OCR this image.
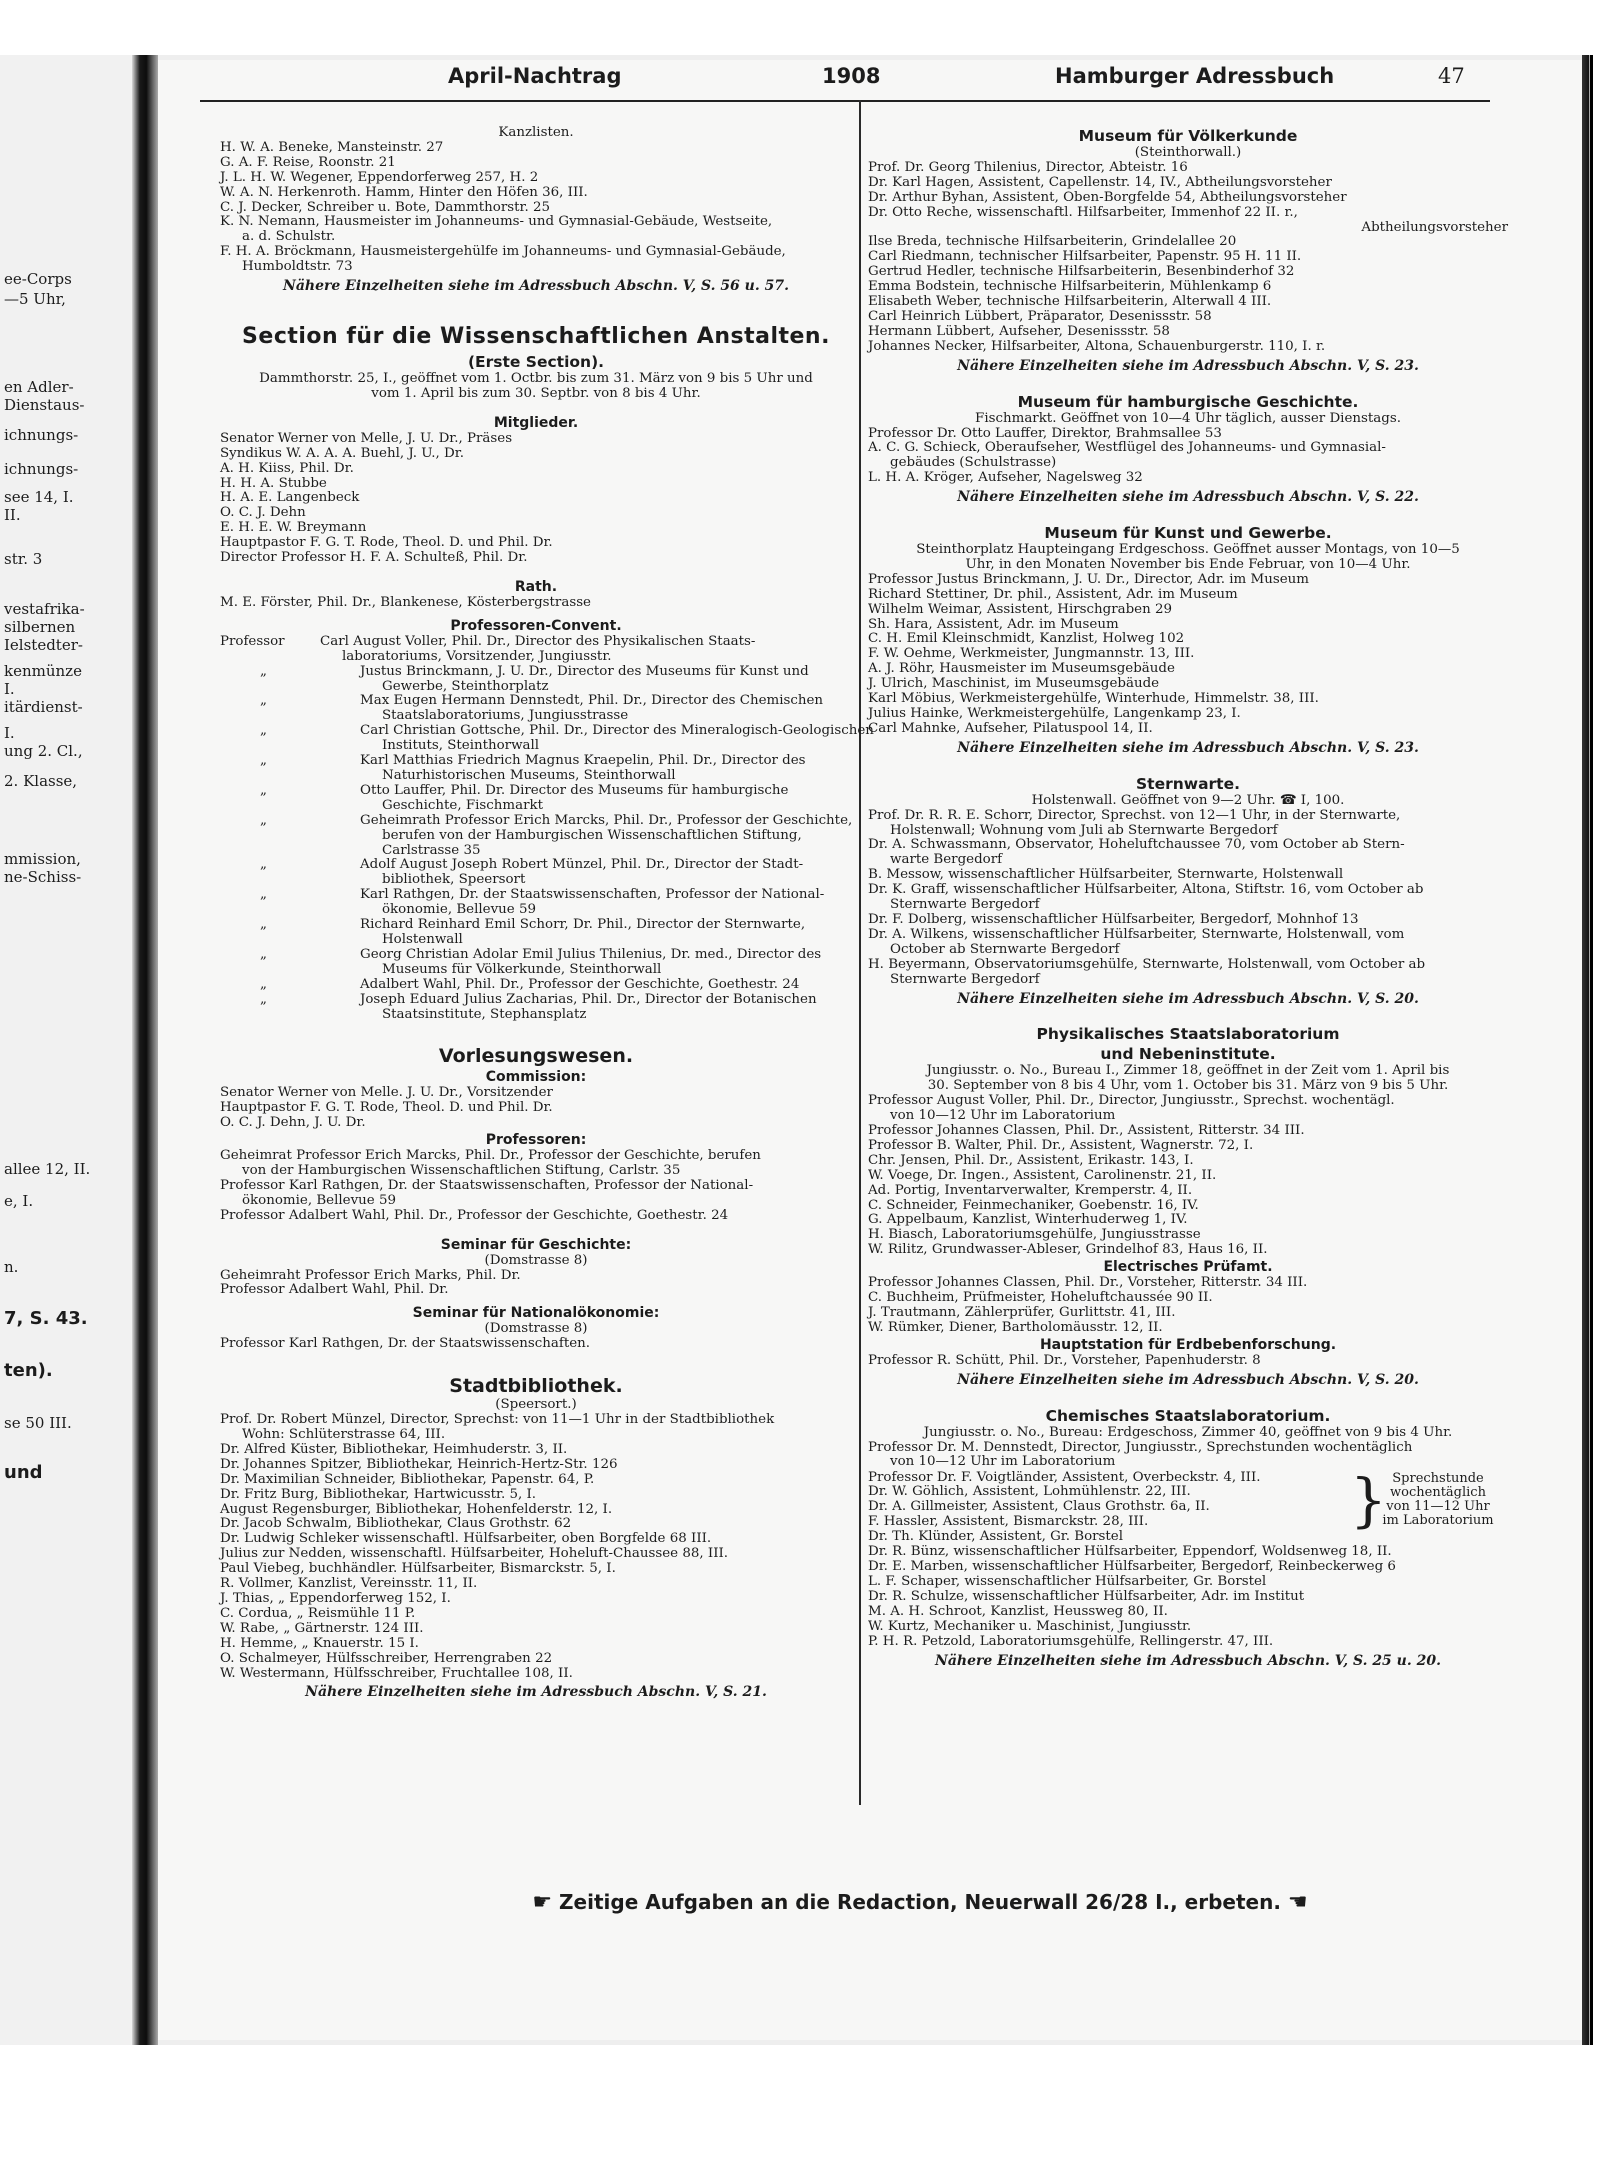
ee-Corps
—5 Uhr,
en Adler-
Dienstaus-
ichnungs-
ichnungs-
see 14, I.
II.
str. 3
vestafrika-
silbernen
Ielstedter-
kenmünze
I.
itärdienst-
I.
ung 2. Cl.,
2. Klasse,
mmission,
ne-Schiss-
allee 12, II.
e, I.
n.
7, S. 43.
ten).
se 50 III.
und
April-Nachtrag	1908	Hamburger Adressbuch	47
Kanzlisten.
H. W. A. Beneke, Mansteinstr. 27
G. A. F. Reise, Roonstr. 21
J. L. H. W. Wegener, Eppendorferweg 257, H. 2
W. A. N. Herkenroth. Hamm, Hinter den Höfen 36, III.
C. J. Decker, Schreiber u. Bote, Dammthorstr. 25
K. N. Nemann, Hausmeister im Johanneums- und Gymnasial-Gebäude, Westseite,
a. d. Schulstr.
F. H. A. Bröckmann, Hausmeistergehülfe im Johanneums- und Gymnasial-Gebäude,
Humboldtstr. 73
Nähere Einzelheiten siehe im Adressbuch Abschn. V, S. 56 u. 57.
Section für die Wissenschaftlichen Anstalten.
(Erste Section).
Dammthorstr. 25, I., geöffnet vom 1. Octbr. bis zum 31. März von 9 bis 5 Uhr und
vom 1. April bis zum 30. Septbr. von 8 bis 4 Uhr.
Mitglieder.
Senator Werner von Melle, J. U. Dr., Präses
Syndikus W. A. A. A. Buehl, J. U., Dr.
A. H. Kiiss, Phil. Dr.
H. H. A. Stubbe
H. A. E. Langenbeck
O. C. J. Dehn
E. H. E. W. Breymann
Hauptpastor F. G. T. Rode, Theol. D. und Phil. Dr.
Director Professor H. F. A. Schulteß, Phil. Dr.
Rath.
M. E. Förster, Phil. Dr., Blankenese, Kösterbergstrasse
Professoren-Convent.
Professor	Carl August Voller, Phil. Dr., Director des Physikalischen Staats-
laboratoriums, Vorsitzender, Jungiusstr.
„	Justus Brinckmann, J. U. Dr., Director des Museums für Kunst und
Gewerbe, Steinthorplatz
„	Max Eugen Hermann Dennstedt, Phil. Dr., Director des Chemischen
Staatslaboratoriums, Jungiusstrasse
„	Carl Christian Gottsche, Phil. Dr., Director des Mineralogisch-Geologischen
Instituts, Steinthorwall
„	Karl Matthias Friedrich Magnus Kraepelin, Phil. Dr., Director des
Naturhistorischen Museums, Steinthorwall
„	Otto Lauffer, Phil. Dr. Director des Museums für hamburgische
Geschichte, Fischmarkt
„	Geheimrath Professor Erich Marcks, Phil. Dr., Professor der Geschichte,
berufen von der Hamburgischen Wissenschaftlichen Stiftung,
Carlstrasse 35
„	Adolf August Joseph Robert Münzel, Phil. Dr., Director der Stadt-
bibliothek, Speersort
„	Karl Rathgen, Dr. der Staatswissenschaften, Professor der National-
ökonomie, Bellevue 59
„	Richard Reinhard Emil Schorr, Dr. Phil., Director der Sternwarte,
Holstenwall
„	Georg Christian Adolar Emil Julius Thilenius, Dr. med., Director des
Museums für Völkerkunde, Steinthorwall
„	Adalbert Wahl, Phil. Dr., Professor der Geschichte, Goethestr. 24
„	Joseph Eduard Julius Zacharias, Phil. Dr., Director der Botanischen
Staatsinstitute, Stephansplatz
Vorlesungswesen.
Commission:
Senator Werner von Melle. J. U. Dr., Vorsitzender
Hauptpastor F. G. T. Rode, Theol. D. und Phil. Dr.
O. C. J. Dehn, J. U. Dr.
Professoren:
Geheimrat Professor Erich Marcks, Phil. Dr., Professor der Geschichte, berufen
von der Hamburgischen Wissenschaftlichen Stiftung, Carlstr. 35
Professor Karl Rathgen, Dr. der Staatswissenschaften, Professor der National-
ökonomie, Bellevue 59
Professor Adalbert Wahl, Phil. Dr., Professor der Geschichte, Goethestr. 24
Seminar für Geschichte:
(Domstrasse 8)
Geheimraht Professor Erich Marks, Phil. Dr.
Professor Adalbert Wahl, Phil. Dr.
Seminar für Nationalökonomie:
(Domstrasse 8)
Professor Karl Rathgen, Dr. der Staatswissenschaften.
Stadtbibliothek.
(Speersort.)
Prof. Dr. Robert Münzel, Director, Sprechst: von 11—1 Uhr in der Stadtbibliothek
Wohn: Schlüterstrasse 64, III.
Dr. Alfred Küster, Bibliothekar, Heimhuderstr. 3, II.
Dr. Johannes Spitzer, Bibliothekar, Heinrich-Hertz-Str. 126
Dr. Maximilian Schneider, Bibliothekar, Papenstr. 64, P.
Dr. Fritz Burg, Bibliothekar, Hartwicusstr. 5, I.
August Regensburger, Bibliothekar, Hohenfelderstr. 12, I.
Dr. Jacob Schwalm, Bibliothekar, Claus Grothstr. 62
Dr. Ludwig Schleker wissenschaftl. Hülfsarbeiter, oben Borgfelde 68 III.
Julius zur Nedden, wissenschaftl. Hülfsarbeiter, Hoheluft-Chaussee 88, III.
Paul Viebeg, buchhändler. Hülfsarbeiter, Bismarckstr. 5, I.
R. Vollmer, Kanzlist, Vereinsstr. 11, II.
J. Thias, „ Eppendorferweg 152, I.
C. Cordua, „ Reismühle 11 P.
W. Rabe, „ Gärtnerstr. 124 III.
H. Hemme, „ Knauerstr. 15 I.
O. Schalmeyer, Hülfsschreiber, Herrengraben 22
W. Westermann, Hülfsschreiber, Fruchtallee 108, II.
Nähere Einzelheiten siehe im Adressbuch Abschn. V, S. 21.
Museum für Völkerkunde
(Steinthorwall.)
Prof. Dr. Georg Thilenius, Director, Abteistr. 16
Dr. Karl Hagen, Assistent, Capellenstr. 14, IV., Abtheilungsvorsteher
Dr. Arthur Byhan, Assistent, Oben-Borgfelde 54, Abtheilungsvorsteher
Dr. Otto Reche, wissenschaftl. Hilfsarbeiter, Immenhof 22 II. r.,
Abtheilungsvorsteher
Ilse Breda, technische Hilfsarbeiterin, Grindelallee 20
Carl Riedmann, technischer Hilfsarbeiter, Papenstr. 95 H. 11 II.
Gertrud Hedler, technische Hilfsarbeiterin, Besenbinderhof 32
Emma Bodstein, technische Hilfsarbeiterin, Mühlenkamp 6
Elisabeth Weber, technische Hilfsarbeiterin, Alterwall 4 III.
Carl Heinrich Lübbert, Präparator, Desenissstr. 58
Hermann Lübbert, Aufseher, Desenissstr. 58
Johannes Necker, Hilfsarbeiter, Altona, Schauenburgerstr. 110, I. r.
Nähere Einzelheiten siehe im Adressbuch Abschn. V, S. 23.
Museum für hamburgische Geschichte.
Fischmarkt. Geöffnet von 10—4 Uhr täglich, ausser Dienstags.
Professor Dr. Otto Lauffer, Direktor, Brahmsallee 53
A. C. G. Schieck, Oberaufseher, Westflügel des Johanneums- und Gymnasial-
gebäudes (Schulstrasse)
L. H. A. Kröger, Aufseher, Nagelsweg 32
Nähere Einzelheiten siehe im Adressbuch Abschn. V, S. 22.
Museum für Kunst und Gewerbe.
Steinthorplatz Haupteingang Erdgeschoss. Geöffnet ausser Montags, von 10—5
Uhr, in den Monaten November bis Ende Februar, von 10—4 Uhr.
Professor Justus Brinckmann, J. U. Dr., Director, Adr. im Museum
Richard Stettiner, Dr. phil., Assistent, Adr. im Museum
Wilhelm Weimar, Assistent, Hirschgraben 29
Sh. Hara, Assistent, Adr. im Museum
C. H. Emil Kleinschmidt, Kanzlist, Holweg 102
F. W. Oehme, Werkmeister, Jungmannstr. 13, III.
A. J. Röhr, Hausmeister im Museumsgebäude
J. Ulrich, Maschinist, im Museumsgebäude
Karl Möbius, Werkmeistergehülfe, Winterhude, Himmelstr. 38, III.
Julius Hainke, Werkmeistergehülfe, Langenkamp 23, I.
Carl Mahnke, Aufseher, Pilatuspool 14, II.
Nähere Einzelheiten siehe im Adressbuch Abschn. V, S. 23.
Sternwarte.
Holstenwall. Geöffnet von 9—2 Uhr. ☎ I, 100.
Prof. Dr. R. R. E. Schorr, Director, Sprechst. von 12—1 Uhr, in der Sternwarte,
Holstenwall; Wohnung vom Juli ab Sternwarte Bergedorf
Dr. A. Schwassmann, Observator, Hoheluftchaussee 70, vom October ab Stern-
warte Bergedorf
B. Messow, wissenschaftlicher Hülfsarbeiter, Sternwarte, Holstenwall
Dr. K. Graff, wissenschaftlicher Hülfsarbeiter, Altona, Stiftstr. 16, vom October ab
Sternwarte Bergedorf
Dr. F. Dolberg, wissenschaftlicher Hülfsarbeiter, Bergedorf, Mohnhof 13
Dr. A. Wilkens, wissenschaftlicher Hülfsarbeiter, Sternwarte, Holstenwall, vom
October ab Sternwarte Bergedorf
H. Beyermann, Observatoriumsgehülfe, Sternwarte, Holstenwall, vom October ab
Sternwarte Bergedorf
Nähere Einzelheiten siehe im Adressbuch Abschn. V, S. 20.
Physikalisches Staatslaboratorium
und Nebeninstitute.
Jungiusstr. o. No., Bureau I., Zimmer 18, geöffnet in der Zeit vom 1. April bis
30. September von 8 bis 4 Uhr, vom 1. October bis 31. März von 9 bis 5 Uhr.
Professor August Voller, Phil. Dr., Director, Jungiusstr., Sprechst. wochentägl.
von 10—12 Uhr im Laboratorium
Professor Johannes Classen, Phil. Dr., Assistent, Ritterstr. 34 III.
Professor B. Walter, Phil. Dr., Assistent, Wagnerstr. 72, I.
Chr. Jensen, Phil. Dr., Assistent, Erikastr. 143, I.
W. Voege, Dr. Ingen., Assistent, Carolinenstr. 21, II.
Ad. Portig, Inventarverwalter, Kremperstr. 4, II.
C. Schneider, Feinmechaniker, Goebenstr. 16, IV.
G. Appelbaum, Kanzlist, Winterhuderweg 1, IV.
H. Biasch, Laboratoriumsgehülfe, Jungiusstrasse
W. Rilitz, Grundwasser-Ableser, Grindelhof 83, Haus 16, II.
Electrisches Prüfamt.
Professor Johannes Classen, Phil. Dr., Vorsteher, Ritterstr. 34 III.
C. Buchheim, Prüfmeister, Hoheluftchaussée 90 II.
J. Trautmann, Zählerprüfer, Gurlittstr. 41, III.
W. Rümker, Diener, Bartholomäusstr. 12, II.
Hauptstation für Erdbebenforschung.
Professor R. Schütt, Phil. Dr., Vorsteher, Papenhuderstr. 8
Nähere Einzelheiten siehe im Adressbuch Abschn. V, S. 20.
Chemisches Staatslaboratorium.
Jungiusstr. o. No., Bureau: Erdgeschoss, Zimmer 40, geöffnet von 9 bis 4 Uhr.
Professor Dr. M. Dennstedt, Director, Jungiusstr., Sprechstunden wochentäglich
von 10—12 Uhr im Laboratorium
Professor Dr. F. Voigtländer, Assistent, Overbeckstr. 4, III.
Dr. W. Göhlich, Assistent, Lohmühlenstr. 22, III.
Dr. A. Gillmeister, Assistent, Claus Grothstr. 6a, II.
F. Hassler, Assistent, Bismarckstr. 28, III.	} Sprechstunde
wochentäglich
von 11—12 Uhr
im Laboratorium
Dr. Th. Klünder, Assistent, Gr. Borstel
Dr. R. Bünz, wissenschaftlicher Hülfsarbeiter, Eppendorf, Woldsenweg 18, II.
Dr. E. Marben, wissenschaftlicher Hülfsarbeiter, Bergedorf, Reinbeckerweg 6
L. F. Schaper, wissenschaftlicher Hülfsarbeiter, Gr. Borstel
Dr. R. Schulze, wissenschaftlicher Hülfsarbeiter, Adr. im Institut
M. A. H. Schroot, Kanzlist, Heussweg 80, II.
W. Kurtz, Mechaniker u. Maschinist, Jungiusstr.
P. H. R. Petzold, Laboratoriumsgehülfe, Rellingerstr. 47, III.
Nähere Einzelheiten siehe im Adressbuch Abschn. V, S. 25 u. 20.
☛ Zeitige Aufgaben an die Redaction, Neuerwall 26/28 I., erbeten. ☚
